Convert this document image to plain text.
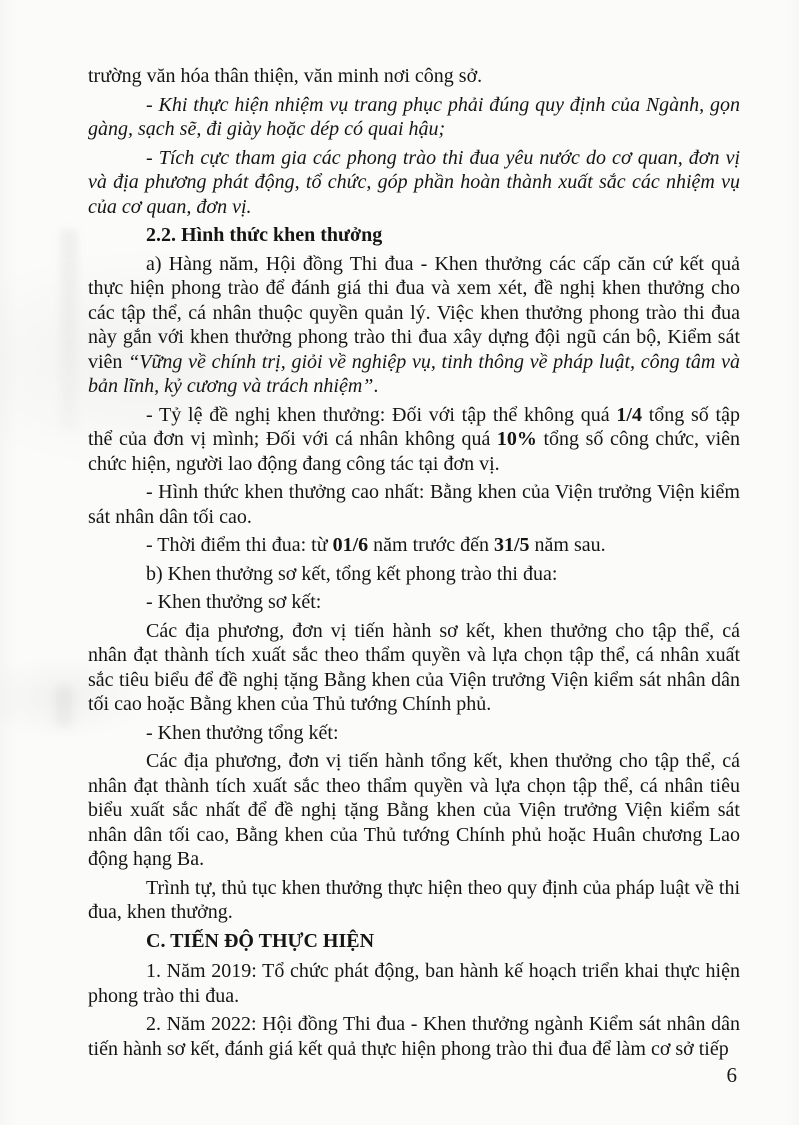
trường văn hóa thân thiện, văn minh nơi công sở.

- Khi thực hiện nhiệm vụ trang phục phải đúng quy định của Ngành, gọn gàng, sạch sẽ, đi giày hoặc dép có quai hậu;

- Tích cực tham gia các phong trào thi đua yêu nước do cơ quan, đơn vị và địa phương phát động, tổ chức, góp phần hoàn thành xuất sắc các nhiệm vụ của cơ quan, đơn vị.

2.2. Hình thức khen thưởng

a) Hàng năm, Hội đồng Thi đua - Khen thưởng các cấp căn cứ kết quả thực hiện phong trào để đánh giá thi đua và xem xét, đề nghị khen thưởng cho các tập thể, cá nhân thuộc quyền quản lý. Việc khen thưởng phong trào thi đua này gắn với khen thưởng phong trào thi đua xây dựng đội ngũ cán bộ, Kiểm sát viên “Vững về chính trị, giỏi về nghiệp vụ, tinh thông về pháp luật, công tâm và bản lĩnh, kỷ cương và trách nhiệm”.

- Tỷ lệ đề nghị khen thưởng: Đối với tập thể không quá 1/4 tổng số tập thể của đơn vị mình; Đối với cá nhân không quá 10% tổng số công chức, viên chức hiện, người lao động đang công tác tại đơn vị.

- Hình thức khen thưởng cao nhất: Bằng khen của Viện trưởng Viện kiểm sát nhân dân tối cao.

- Thời điểm thi đua: từ 01/6 năm trước đến 31/5 năm sau.

b) Khen thưởng sơ kết, tổng kết phong trào thi đua:

- Khen thưởng sơ kết:

Các địa phương, đơn vị tiến hành sơ kết, khen thưởng cho tập thể, cá nhân đạt thành tích xuất sắc theo thẩm quyền và lựa chọn tập thể, cá nhân xuất sắc tiêu biểu để đề nghị tặng Bằng khen của Viện trưởng Viện kiểm sát nhân dân tối cao hoặc Bằng khen của Thủ tướng Chính phủ.

- Khen thưởng tổng kết:

Các địa phương, đơn vị tiến hành tổng kết, khen thưởng cho tập thể, cá nhân đạt thành tích xuất sắc theo thẩm quyền và lựa chọn tập thể, cá nhân tiêu biểu xuất sắc nhất để đề nghị tặng Bằng khen của Viện trưởng Viện kiểm sát nhân dân tối cao, Bằng khen của Thủ tướng Chính phủ hoặc Huân chương Lao động hạng Ba.

Trình tự, thủ tục khen thưởng thực hiện theo quy định của pháp luật về thi đua, khen thưởng.

C. TIẾN ĐỘ THỰC HIỆN

1. Năm 2019: Tổ chức phát động, ban hành kế hoạch triển khai thực hiện phong trào thi đua.

2. Năm 2022: Hội đồng Thi đua - Khen thưởng ngành Kiểm sát nhân dân tiến hành sơ kết, đánh giá kết quả thực hiện phong trào thi đua để làm cơ sở tiếp

6
